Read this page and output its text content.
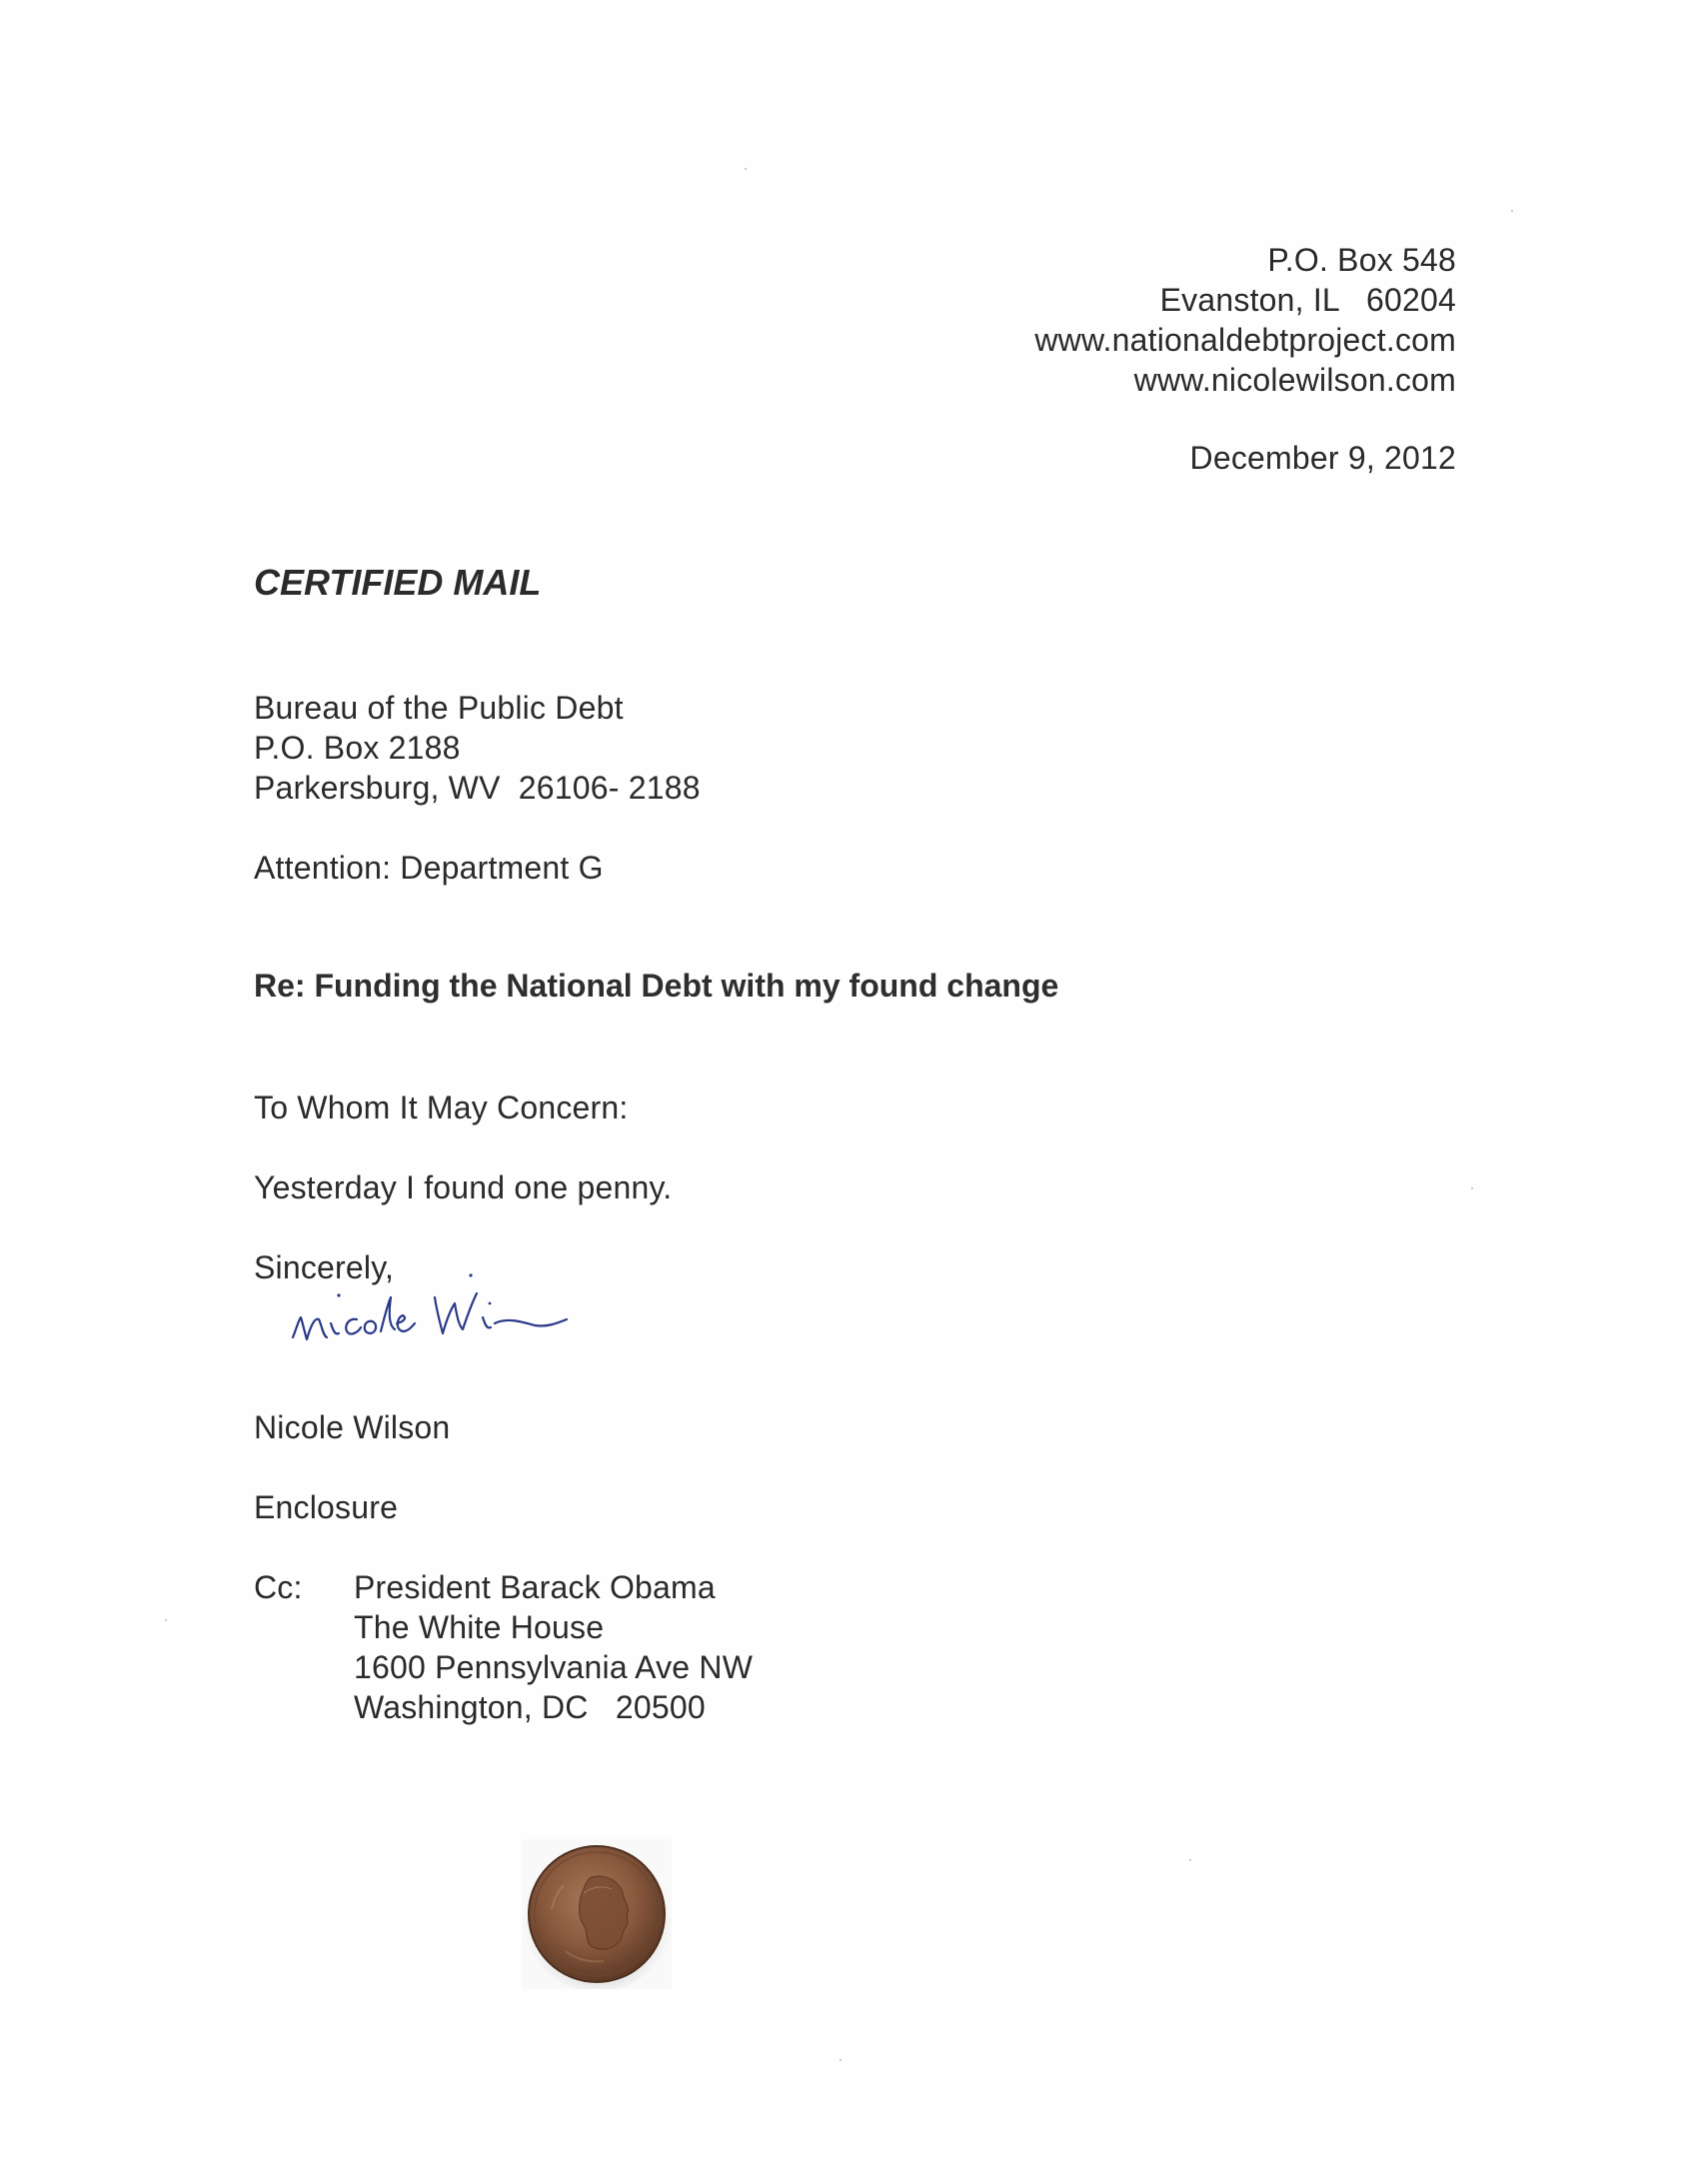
P.O. Box 548
Evanston, IL   60204
www.nationaldebtproject.com
www.nicolewilson.com
December 9, 2012
CERTIFIED MAIL
Bureau of the Public Debt
P.O. Box 2188
Parkersburg, WV  26106- 2188
Attention: Department G
Re: Funding the National Debt with my found change
To Whom It May Concern:
Yesterday I found one penny.
Sincerely,
Nicole Wilson
Enclosure
Cc: President Barack Obama
The White House
1600 Pennsylvania Ave NW
Washington, DC   20500
